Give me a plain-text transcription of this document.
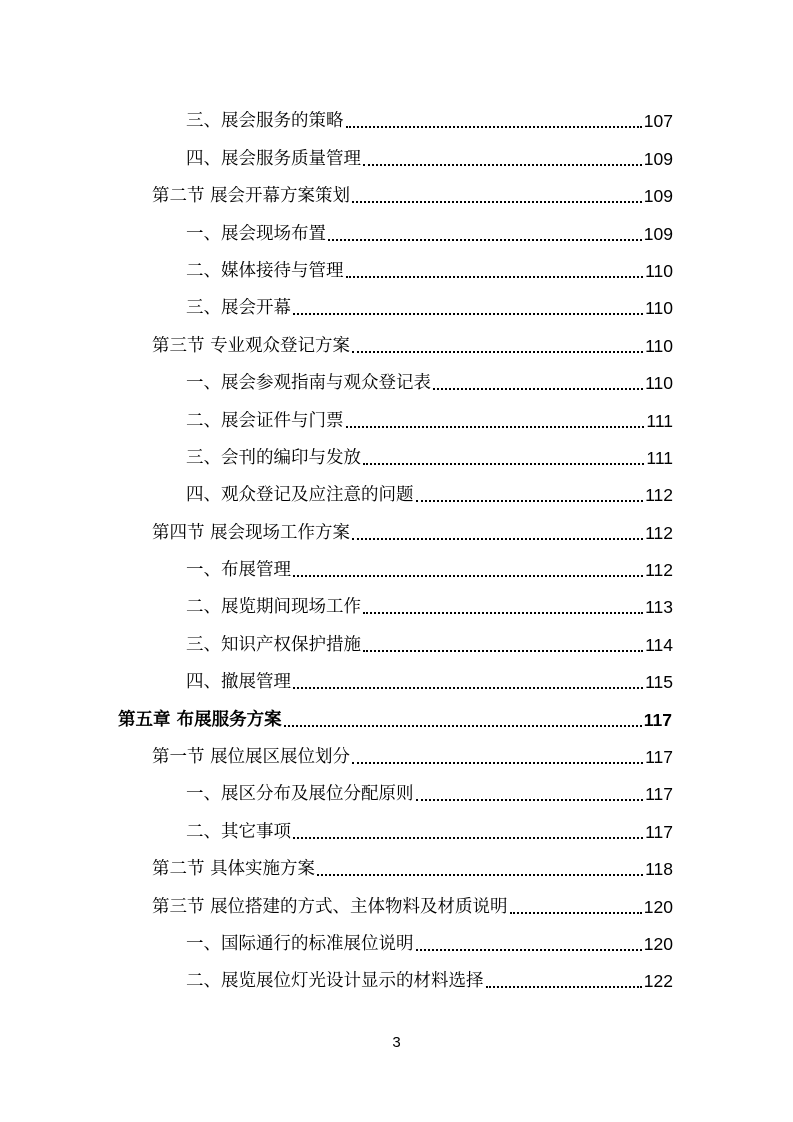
三、展会服务的策略	107
四、展会服务质量管理	109
第二节 展会开幕方案策划	109
一、展会现场布置	109
二、媒体接待与管理	110
三、展会开幕	110
第三节 专业观众登记方案	110
一、展会参观指南与观众登记表	110
二、展会证件与门票	111
三、会刊的编印与发放	111
四、观众登记及应注意的问题	112
第四节 展会现场工作方案	112
一、布展管理	112
二、展览期间现场工作	113
三、知识产权保护措施	114
四、撤展管理	115
第五章 布展服务方案	117
第一节 展位展区展位划分	117
一、展区分布及展位分配原则	117
二、其它事项	117
第二节 具体实施方案	118
第三节 展位搭建的方式、主体物料及材质说明	120
一、国际通行的标准展位说明	120
二、展览展位灯光设计显示的材料选择	122
3
